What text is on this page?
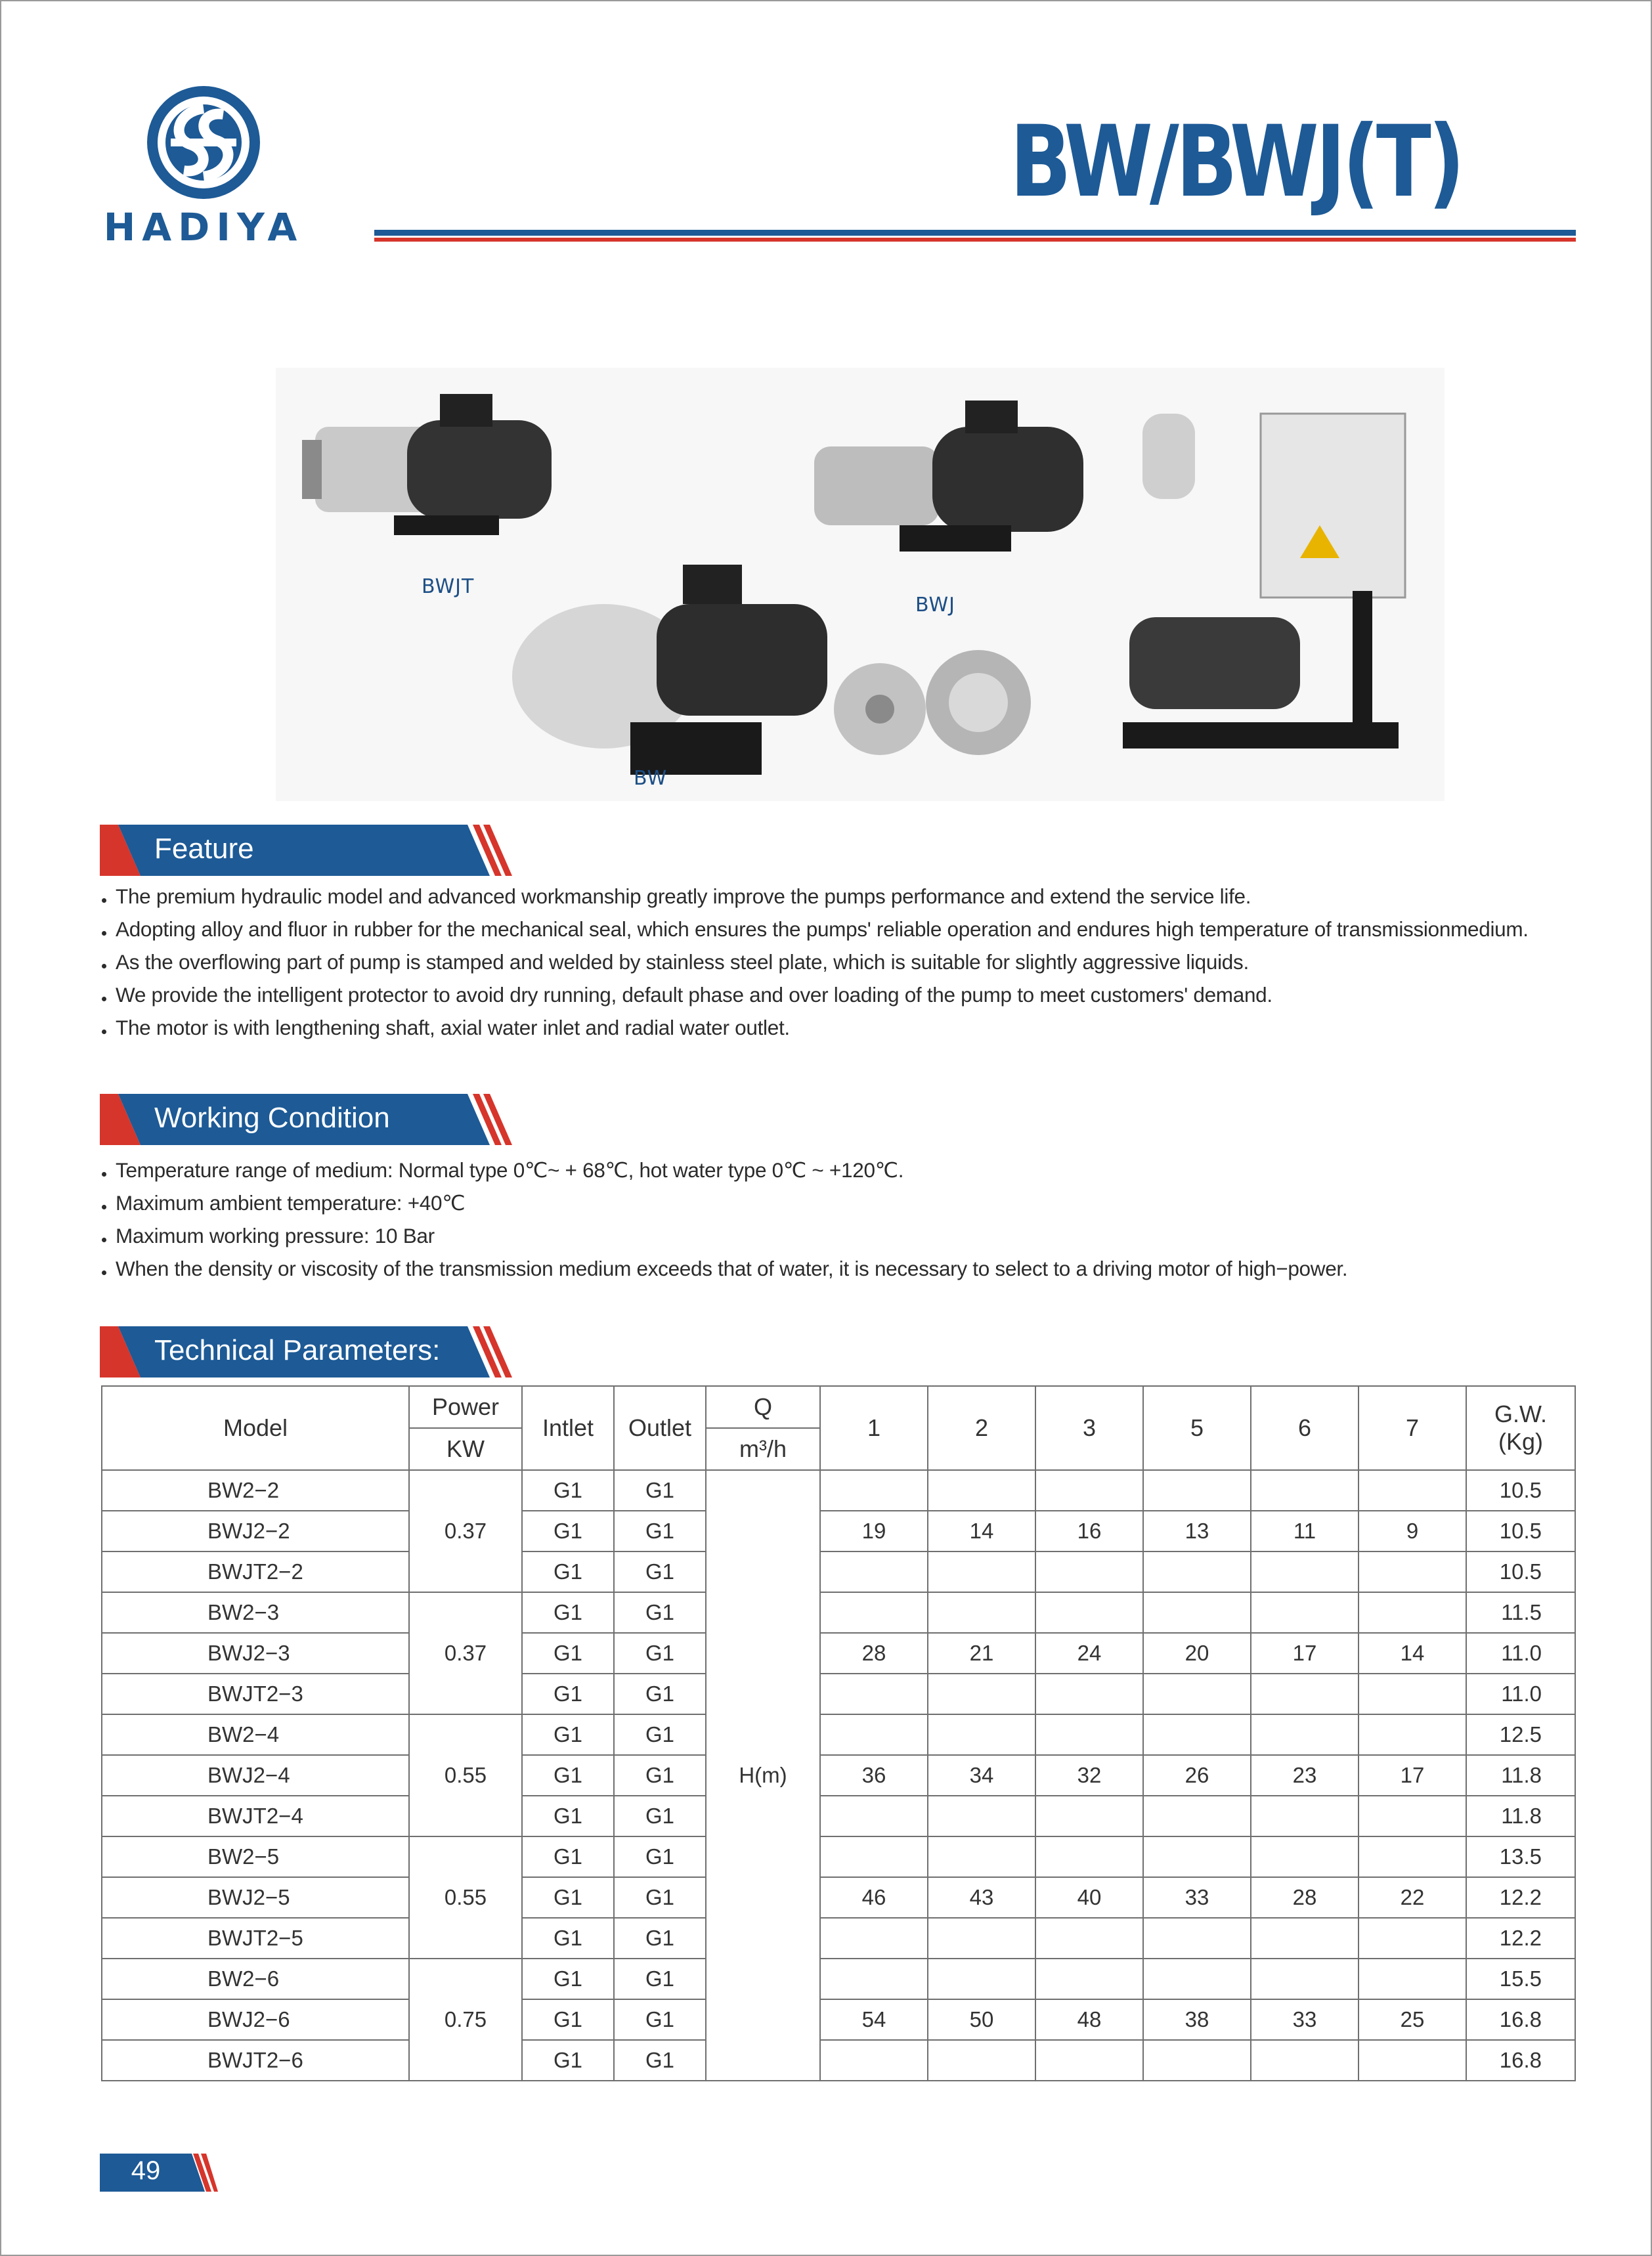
HADIYA
BW/BWJ(T)
BWJT
BWJ
BW
Feature
The premium hydraulic model and advanced workmanship greatly improve the pumps performance and extend the service life.
Adopting alloy and fluor in rubber for the mechanical seal, which ensures the pumps' reliable operation and endures high temperature of transmissionmedium.
As the overflowing part of pump is stamped and welded by stainless steel plate, which is suitable for slightly aggressive liquids.
We provide the intelligent protector to avoid dry running, default phase and over loading of the pump to meet customers' demand.
The motor is with lengthening shaft, axial water inlet and radial water outlet.
Working Condition
Temperature range of medium: Normal type 0℃~ + 68℃, hot water type 0℃ ~ +120℃.
Maximum ambient temperature: +40℃
Maximum working pressure: 10 Bar
When the density or viscosity of the transmission medium exceeds that of water, it is necessary to select to a driving motor of high−power.
Technical Parameters:
Model	Power	Intlet	Outlet	Q	1	2	3	5	6	7	G.W.
(Kg)
	KW			m³/h							
BW2−2	0.37	G1	G1	H(m)							10.5
BWJ2−2		G1	G1		19	14	16	13	11	9	10.5
BWJT2−2		G1	G1								10.5
BW2−3	0.37	G1	G1								11.5
BWJ2−3		G1	G1		28	21	24	20	17	14	11.0
BWJT2−3		G1	G1								11.0
BW2−4	0.55	G1	G1								12.5
BWJ2−4		G1	G1		36	34	32	26	23	17	11.8
BWJT2−4		G1	G1								11.8
BW2−5	0.55	G1	G1								13.5
BWJ2−5		G1	G1		46	43	40	33	28	22	12.2
BWJT2−5		G1	G1								12.2
BW2−6	0.75	G1	G1								15.5
BWJ2−6		G1	G1		54	50	48	38	33	25	16.8
BWJT2−6		G1	G1								16.8
49
